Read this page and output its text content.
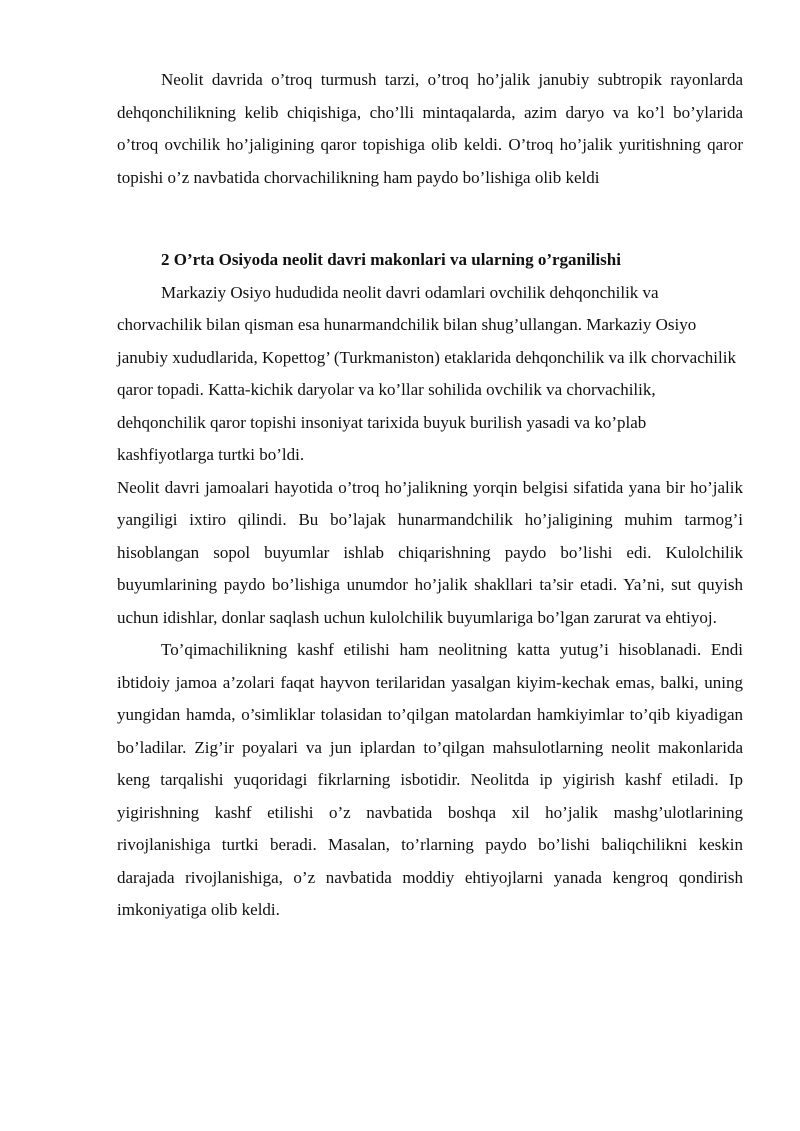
Neolit davrida o’troq turmush tarzi, o’troq ho’jalik janubiy subtropik rayonlarda dehqonchilikning kelib chiqishiga, cho’lli mintaqalarda, azim daryo va ko’l bo’ylarida o’troq ovchilik ho’jaligining qaror topishiga olib keldi. O’troq ho’jalik yuritishning qaror topishi o’z navbatida chorvachilikning ham paydo bo’lishiga olib keldi

2 O’rta Osiyoda neolit davri makonlari va ularning o’rganilishi

Markaziy Osiyo hududida neolit davri odamlari ovchilik dehqonchilik va chorvachilik bilan qisman esa hunarmandchilik bilan shug’ullangan. Markaziy Osiyo janubiy xududlarida, Kopettog’ (Turkmaniston) etaklarida dehqonchilik va ilk chorvachilik qaror topadi. Katta-kichik daryolar va ko’llar sohilida ovchilik va chorvachilik, dehqonchilik qaror topishi insoniyat tarixida buyuk burilish yasadi va ko’plab kashfiyotlarga turtki bo’ldi.

Neolit davri jamoalari hayotida o’troq ho’jalikning yorqin belgisi sifatida yana bir ho’jalik yangiligi ixtiro qilindi. Bu bo’lajak hunarmandchilik ho’jaligining muhim tarmog’i hisoblangan sopol buyumlar ishlab chiqarishning paydo bo’lishi edi. Kulolchilik buyumlarining paydo bo’lishiga unumdor ho’jalik shakllari ta’sir etadi. Ya’ni, sut quyish uchun idishlar, donlar saqlash uchun kulolchilik buyumlariga bo’lgan zarurat va ehtiyoj.

To’qimachilikning kashf etilishi ham neolitning katta yutug’i hisoblanadi. Endi ibtidoiy jamoa a’zolari faqat hayvon terilaridan yasalgan kiyim-kechak emas, balki, uning yungidan hamda, o’simliklar tolasidan to’qilgan matolardan hamkiyimlar to’qib kiyadigan bo’ladilar. Zig’ir poyalari va jun iplardan to’qilgan mahsulotlarning neolit makonlarida keng tarqalishi yuqoridagi fikrlarning isbotidir. Neolitda ip yigirish kashf etiladi. Ip yigirishning kashf etilishi o’z navbatida boshqa xil ho’jalik mashg’ulotlarining rivojlanishiga turtki beradi. Masalan, to’rlarning paydo bo’lishi baliqchilikni keskin darajada rivojlanishiga, o’z navbatida moddiy ehtiyojlarni yanada kengroq qondirish imkoniyatiga olib keldi.
